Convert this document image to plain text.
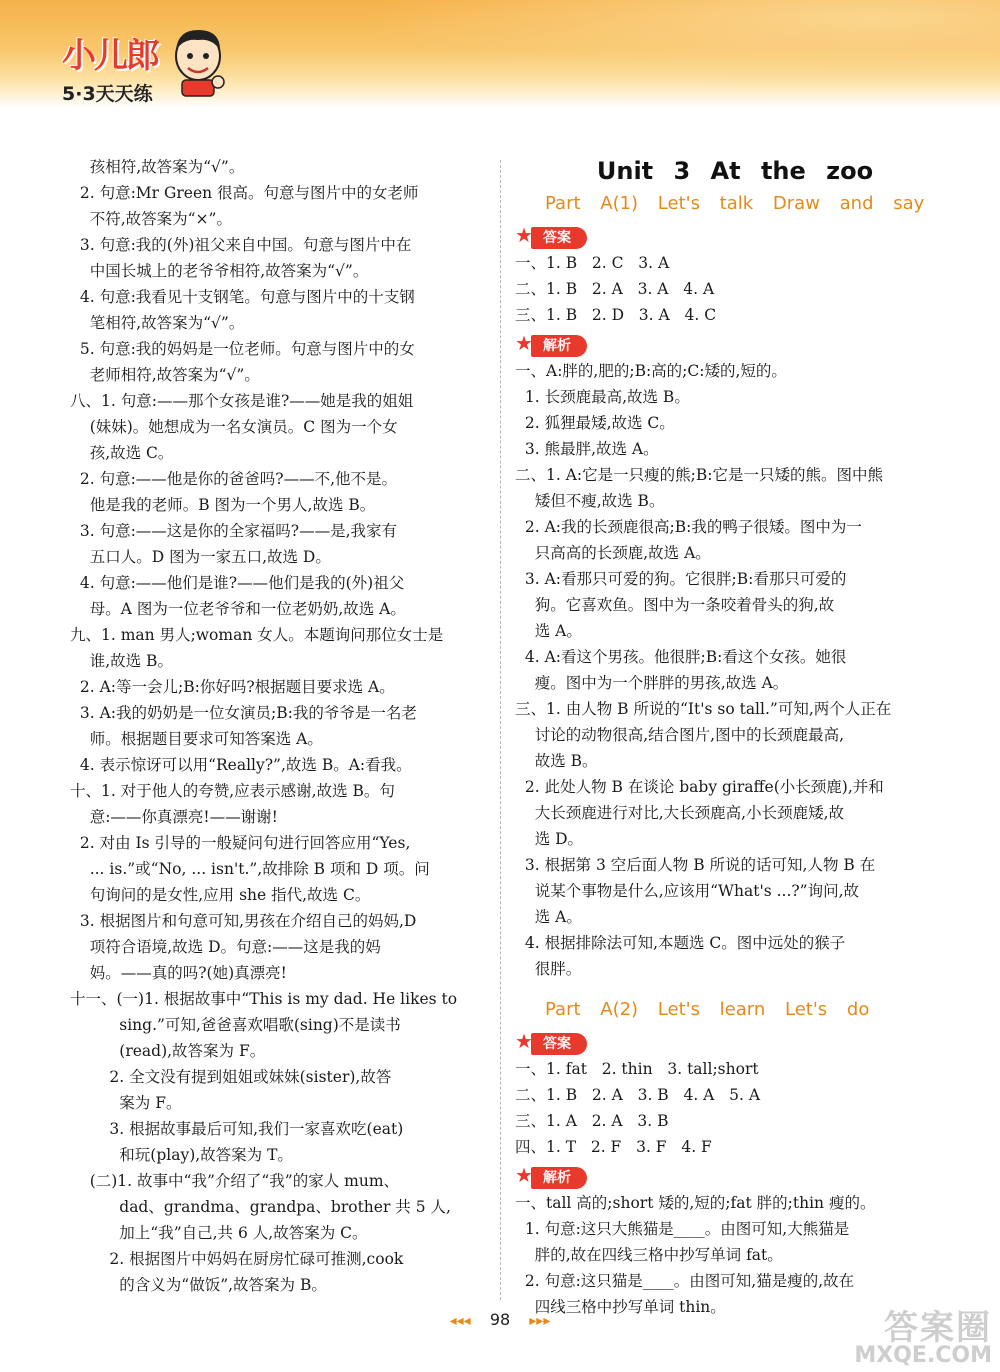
小儿郎
5·3天天练
孩相符,故答案为“√”。
2. 句意:Mr Green 很高。句意与图片中的女老师
不符,故答案为“×”。
3. 句意:我的(外)祖父来自中国。句意与图片中在
中国长城上的老爷爷相符,故答案为“√”。
4. 句意:我看见十支钢笔。句意与图片中的十支钢
笔相符,故答案为“√”。
5. 句意:我的妈妈是一位老师。句意与图片中的女
老师相符,故答案为“√”。
八、1. 句意:——那个女孩是谁?——她是我的姐姐
(妹妹)。她想成为一名女演员。C 图为一个女
孩,故选 C。
2. 句意:——他是你的爸爸吗?——不,他不是。
他是我的老师。B 图为一个男人,故选 B。
3. 句意:——这是你的全家福吗?——是,我家有
五口人。D 图为一家五口,故选 D。
4. 句意:——他们是谁?——他们是我的(外)祖父
母。A 图为一位老爷爷和一位老奶奶,故选 A。
九、1. man 男人;woman 女人。本题询问那位女士是
谁,故选 B。
2. A:等一会儿;B:你好吗?根据题目要求选 A。
3. A:我的奶奶是一位女演员;B:我的爷爷是一名老
师。根据题目要求可知答案选 A。
4. 表示惊讶可以用“Really?”,故选 B。A:看我。
十、1. 对于他人的夸赞,应表示感谢,故选 B。句
意:——你真漂亮!——谢谢!
2. 对由 Is 引导的一般疑问句进行回答应用“Yes,
... is.”或“No, ... isn't.”,故排除 B 项和 D 项。问
句询问的是女性,应用 she 指代,故选 C。
3. 根据图片和句意可知,男孩在介绍自己的妈妈,D
项符合语境,故选 D。句意:——这是我的妈
妈。——真的吗?(她)真漂亮!
十一、(一)1. 根据故事中“This is my dad. He likes to
sing.”可知,爸爸喜欢唱歌(sing)不是读书
(read),故答案为 F。
2. 全文没有提到姐姐或妹妹(sister),故答
案为 F。
3. 根据故事最后可知,我们一家喜欢吃(eat)
和玩(play),故答案为 T。
(二)1. 故事中“我”介绍了“我”的家人 mum、
dad、grandma、grandpa、brother 共 5 人,
加上“我”自己,共 6 人,故答案为 C。
2. 根据图片中妈妈在厨房忙碌可推测,cook
的含义为“做饭”,故答案为 B。
Unit 3 At the zoo
Part A(1) Let's talk Draw and say
★ 答案
一、1. B   2. C   3. A
二、1. B   2. A   3. A   4. A
三、1. B   2. D   3. A   4. C
★ 解析
一、A:胖的,肥的;B:高的;C:矮的,短的。
1. 长颈鹿最高,故选 B。
2. 狐狸最矮,故选 C。
3. 熊最胖,故选 A。
二、1. A:它是一只瘦的熊;B:它是一只矮的熊。图中熊
矮但不瘦,故选 B。
2. A:我的长颈鹿很高;B:我的鸭子很矮。图中为一
只高高的长颈鹿,故选 A。
3. A:看那只可爱的狗。它很胖;B:看那只可爱的
狗。它喜欢鱼。图中为一条咬着骨头的狗,故
选 A。
4. A:看这个男孩。他很胖;B:看这个女孩。她很
瘦。图中为一个胖胖的男孩,故选 A。
三、1. 由人物 B 所说的“It's so tall.”可知,两个人正在
讨论的动物很高,结合图片,图中的长颈鹿最高,
故选 B。
2. 此处人物 B 在谈论 baby giraffe(小长颈鹿),并和
大长颈鹿进行对比,大长颈鹿高,小长颈鹿矮,故
选 D。
3. 根据第 3 空后面人物 B 所说的话可知,人物 B 在
说某个事物是什么,应该用“What's ...?”询问,故
选 A。
4. 根据排除法可知,本题选 C。图中远处的猴子
很胖。
Part A(2) Let's learn Let's do
★ 答案
一、1. fat   2. thin   3. tall;short
二、1. B   2. A   3. B   4. A   5. A
三、1. A   2. A   3. B
四、1. T   2. F   3. F   4. F
★ 解析
一、tall 高的;short 矮的,短的;fat 胖的;thin 瘦的。
1. 句意:这只大熊猫是____。由图可知,大熊猫是
胖的,故在四线三格中抄写单词 fat。
2. 句意:这只猫是____。由图可知,猫是瘦的,故在
四线三格中抄写单词 thin。
◂◂◂ 98 ▸▸▸	答案圈
MXQE.COM
